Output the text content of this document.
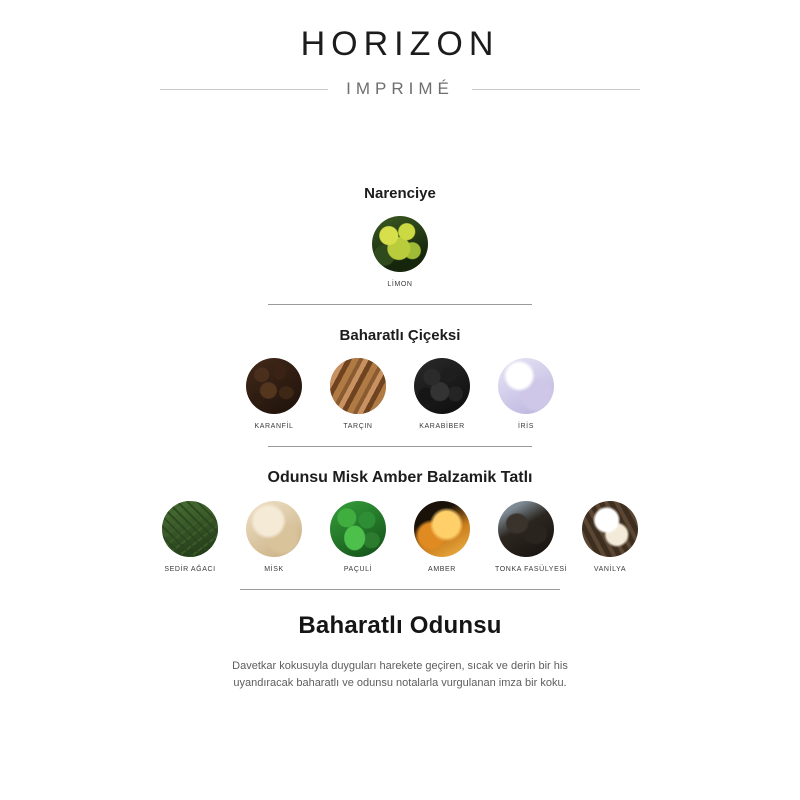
HORIZON
IMPRIMÉ
Narenciye
LİMON
Baharatlı Çiçeksi
KARANFİL	TARÇIN	KARABİBER	İRİS
Odunsu Misk Amber Balzamik Tatlı
SEDİR AĞACI	MİSK	PAÇULİ	AMBER	TONKA FASÜLYESİ	VANİLYA
Baharatlı Odunsu
Davetkar kokusuyla duyguları harekete geçiren, sıcak ve derin bir his uyandıracak baharatlı ve odunsu notalarla vurgulanan imza bir koku.
